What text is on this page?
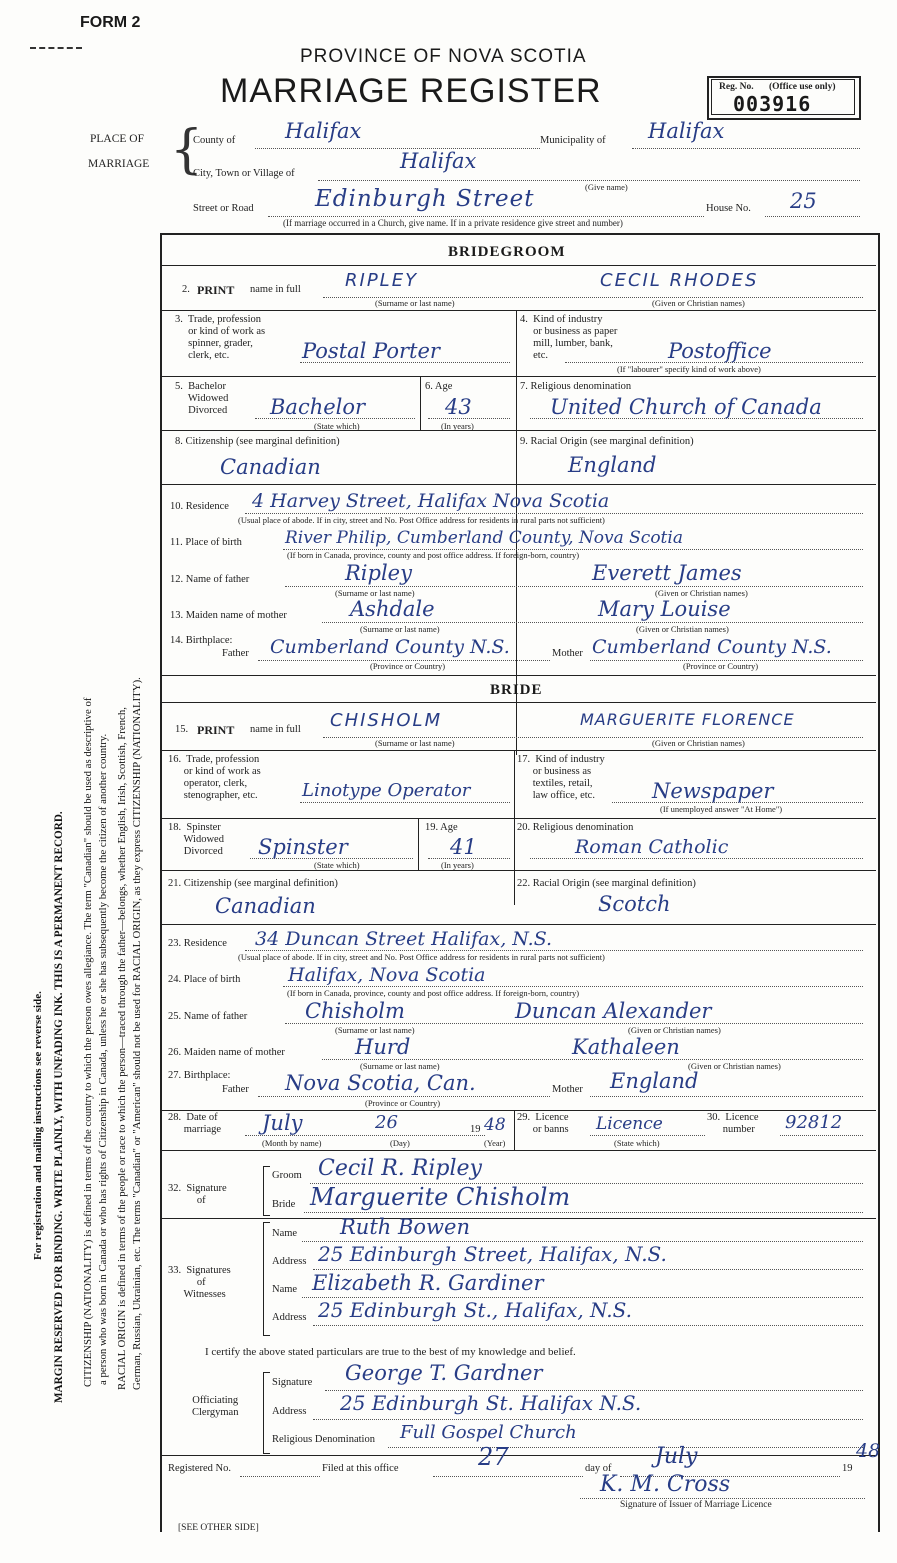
FORM 2
PROVINCE OF NOVA SCOTIA
MARRIAGE REGISTER	Reg. No. (Office use only)
003916
For registration and mailing instructions see reverse side. MARGIN RESERVED FOR BINDING. WRITE PLAINLY, WITH UNFADING INK. THIS IS A PERMANENT RECORD. CITIZENSHIP (NATIONALITY) is defined in terms of the country to which the person owes allegiance. The term "Canadian" should be used as descriptive of a person who was born in Canada or who has rights of Citizenship in Canada, unless he or she has subsequently become the citizen of another country. RACIAL ORIGIN is defined in terms of the people or race to which the person—traced through the father—belongs, whether English, Irish, Scottish, French, German, Russian, Ukrainian, etc. The terms "Canadian" or "American" should not be used for RACIAL ORIGIN, as they express CITIZENSHIP (NATIONALITY).
PLACE OF
MARRIAGE {
County of Halifax	Municipality of Halifax
City, Town or Village of
Halifax
(Give name)
Street or Road	Edinburgh Street	House No. 25
(If marriage occurred in a Church, give name. If in a private residence give street and number)
BRIDEGROOM
2. PRINT name in full RIPLEY	CECIL RHODES
(Surname or last name)	(Given or Christian names)
3.  Trade, profession
or kind of work as
spinner, grader,
clerk, etc.	Postal Porter
4.  Kind of industry
or business as paper
mill, lumber, bank,
etc.	Postoffice
(If "labourer" specify kind of work above)
5.  Bachelor
Widowed
Divorced Bachelor
(State which)
6. Age
43
(In years)
7. Religious denomination
United Church of Canada
8. Citizenship (see marginal definition)
Canadian
9. Racial Origin (see marginal definition)
England
10. Residence 4 Harvey Street, Halifax Nova Scotia
(Usual place of abode. If in city, street and No. Post Office address for residents in rural parts not sufficient)
11. Place of birth	River Philip, Cumberland County, Nova Scotia
(If born in Canada, province, county and post office address. If foreign-born, country)
12. Name of father	Ripley	Everett James
(Surname or last name)	(Given or Christian names)
13. Maiden name of mother	Ashdale	Mary Louise
(Surname or last name)	(Given or Christian names)
14. Birthplace:
Father Cumberland County N.S.	Mother Cumberland County N.S.
(Province or Country)	(Province or Country)
BRIDE
15. PRINT name in full CHISHOLM	MARGUERITE FLORENCE
(Surname or last name)	(Given or Christian names)
16.  Trade, profession
or kind of work as
operator, clerk,
stenographer, etc. Linotype Operator
17.  Kind of industry
or business as
textiles, retail,
law office, etc.	Newspaper
(If unemployed answer "At Home")
18.  Spinster
Widowed
Divorced Spinster
(State which)
19. Age
41
(In years)
20. Religious denomination
Roman Catholic
21. Citizenship (see marginal definition)
Canadian
22. Racial Origin (see marginal definition)
Scotch
23. Residence 34 Duncan Street Halifax, N.S.
(Usual place of abode. If in city, street and No. Post Office address for residents in rural parts not sufficient)
24. Place of birth	Halifax, Nova Scotia
(If born in Canada, province, county and post office address. If foreign-born, country)
25. Name of father	Chisholm	Duncan Alexander
(Surname or last name)	(Given or Christian names)
26. Maiden name of mother	Hurd	Kathaleen
(Surname or last name)	(Given or Christian names)
27. Birthplace:
Father Nova Scotia, Can.	Mother England
(Province or Country)
28.  Date of
marriage July	26	19 48
(Month by name)	(Day)	(Year)
29.  Licence
or banns Licence
(State which)
30.  Licence
number 92812
32.  Signature
of
Groom Cecil R. Ripley
Bride Marguerite Chisholm
33.  Signatures
of
Witnesses
Name Ruth Bowen
Address 25 Edinburgh Street, Halifax, N.S.
Name Elizabeth R. Gardiner
Address 25 Edinburgh St., Halifax, N.S.
I certify the above stated particulars are true to the best of my knowledge and belief.
Officiating
Clergyman
Signature George T. Gardner
Address 25 Edinburgh St. Halifax N.S.
Religious Denomination Full Gospel Church
Registered No.	Filed at this office	27	day of July	19
48
K. M. Cross
Signature of Issuer of Marriage Licence
[SEE OTHER SIDE]
